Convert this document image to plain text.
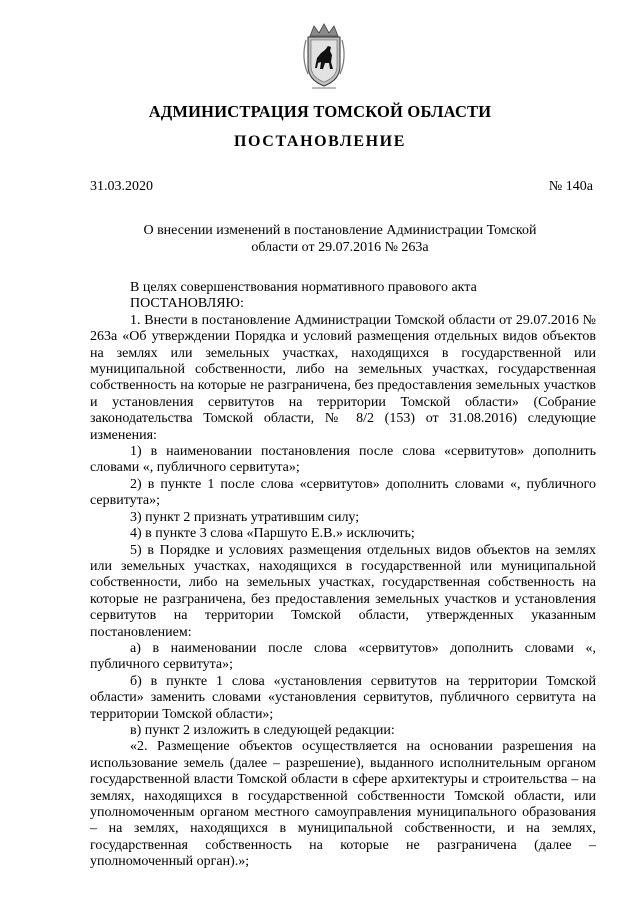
АДМИНИСТРАЦИЯ ТОМСКОЙ ОБЛАСТИ
ПОСТАНОВЛЕНИЕ
31.03.2020	№ 140а
О внесении изменений в постановление Администрации Томской
области от 29.07.2016 № 263а

В целях совершенствования нормативного правового акта

ПОСТАНОВЛЯЮ:

1. Внести в постановление Администрации Томской области от 29.07.2016 № 263а «Об утверждении Порядка и условий размещения отдельных видов объектов на землях или земельных участках, находящихся в государственной или муниципальной собственности, либо на земельных участках, государственная собственность на которые не разграничена, без предоставления земельных участков и установления сервитутов на территории Томской области» (Собрание законодательства Томской области, № 8/2 (153) от 31.08.2016) следующие изменения:

1) в наименовании постановления после слова «сервитутов» дополнить словами «, публичного сервитута»;

2) в пункте 1 после слова «сервитутов» дополнить словами «, публичного сервитута»;

3) пункт 2 признать утратившим силу;

4) в пункте 3 слова «Паршуто Е.В.» исключить;

5) в Порядке и условиях размещения отдельных видов объектов на землях или земельных участках, находящихся в государственной или муниципальной собственности, либо на земельных участках, государственная собственность на которые не разграничена, без предоставления земельных участков и установления сервитутов на территории Томской области, утвержденных указанным постановлением:

а) в наименовании после слова «сервитутов» дополнить словами «, публичного сервитута»;

б) в пункте 1 слова «установления сервитутов на территории Томской области» заменить словами «установления сервитутов, публичного сервитута на территории Томской области»;

в) пункт 2 изложить в следующей редакции:

«2. Размещение объектов осуществляется на основании разрешения на использование земель (далее – разрешение), выданного исполнительным органом государственной власти Томской области в сфере архитектуры и строительства – на землях, находящихся в государственной собственности Томской области, или уполномоченным органом местного самоуправления муниципального образования – на землях, находящихся в муниципальной собственности, и на землях, государственная собственность на которые не разграничена (далее – уполномоченный орган).»;
